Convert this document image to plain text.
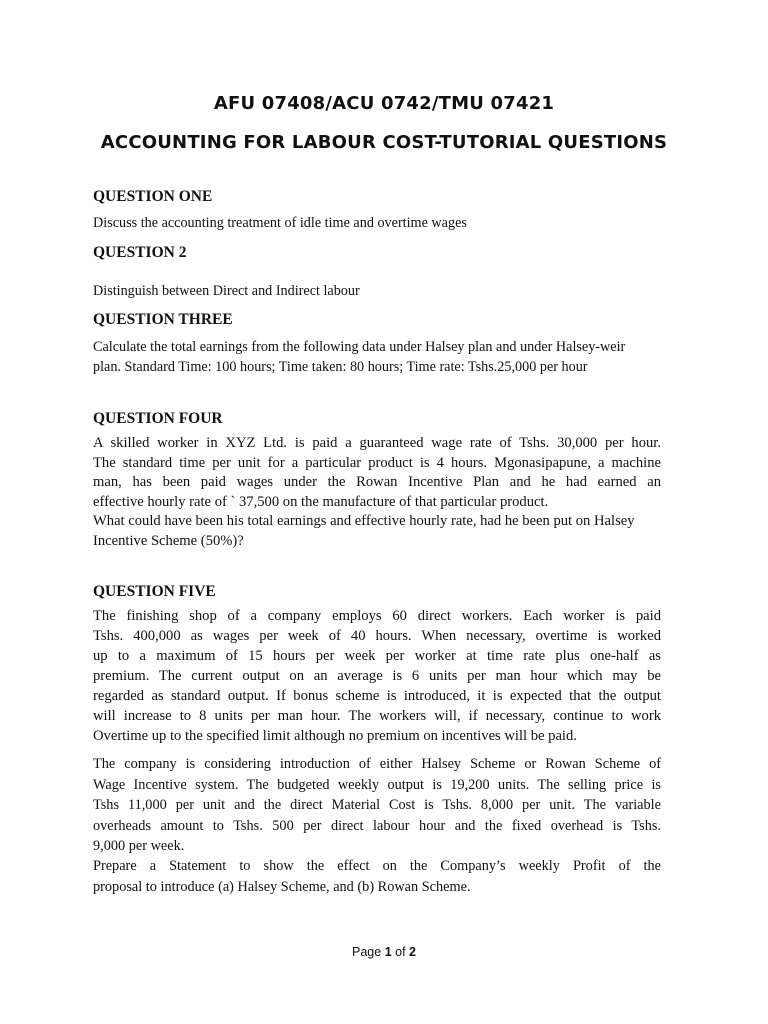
AFU 07408/ACU 0742/TMU 07421
ACCOUNTING FOR LABOUR COST-TUTORIAL QUESTIONS
QUESTION ONE
Discuss the accounting treatment of idle time and overtime wages
QUESTION 2
Distinguish between Direct and Indirect labour
QUESTION THREE
Calculate the total earnings from the following data under Halsey plan and under Halsey-weir
plan. Standard Time: 100 hours; Time taken: 80 hours; Time rate: Tshs.25,000 per hour
QUESTION FOUR
A skilled worker in XYZ Ltd. is paid a guaranteed wage rate of Tshs. 30,000 per hour.
The standard time per unit for a particular product is 4 hours. Mgonasipapune, a machine
man, has been paid wages under the Rowan Incentive Plan and he had earned an
effective hourly rate of ` 37,500 on the manufacture of that particular product.
What could have been his total earnings and effective hourly rate, had he been put on Halsey
Incentive Scheme (50%)?
QUESTION FIVE
The finishing shop of a company employs 60 direct workers. Each worker is paid
Tshs. 400,000 as wages per week of 40 hours. When necessary, overtime is worked
up to a maximum of 15 hours per week per worker at time rate plus one-half as
premium. The current output on an average is 6 units per man hour which may be
regarded as standard output. If bonus scheme is introduced, it is expected that the output
will increase to 8 units per man hour. The workers will, if necessary, continue to work
Overtime up to the specified limit although no premium on incentives will be paid.
The company is considering introduction of either Halsey Scheme or Rowan Scheme of
Wage Incentive system. The budgeted weekly output is 19,200 units. The selling price is
Tshs 11,000 per unit and the direct Material Cost is Tshs. 8,000 per unit. The variable
overheads amount to Tshs. 500 per direct labour hour and the fixed overhead is Tshs.
9,000 per week.
Prepare a Statement to show the effect on the Company’s weekly Profit of the
proposal to introduce (a) Halsey Scheme, and (b) Rowan Scheme.
Page 1 of 2
